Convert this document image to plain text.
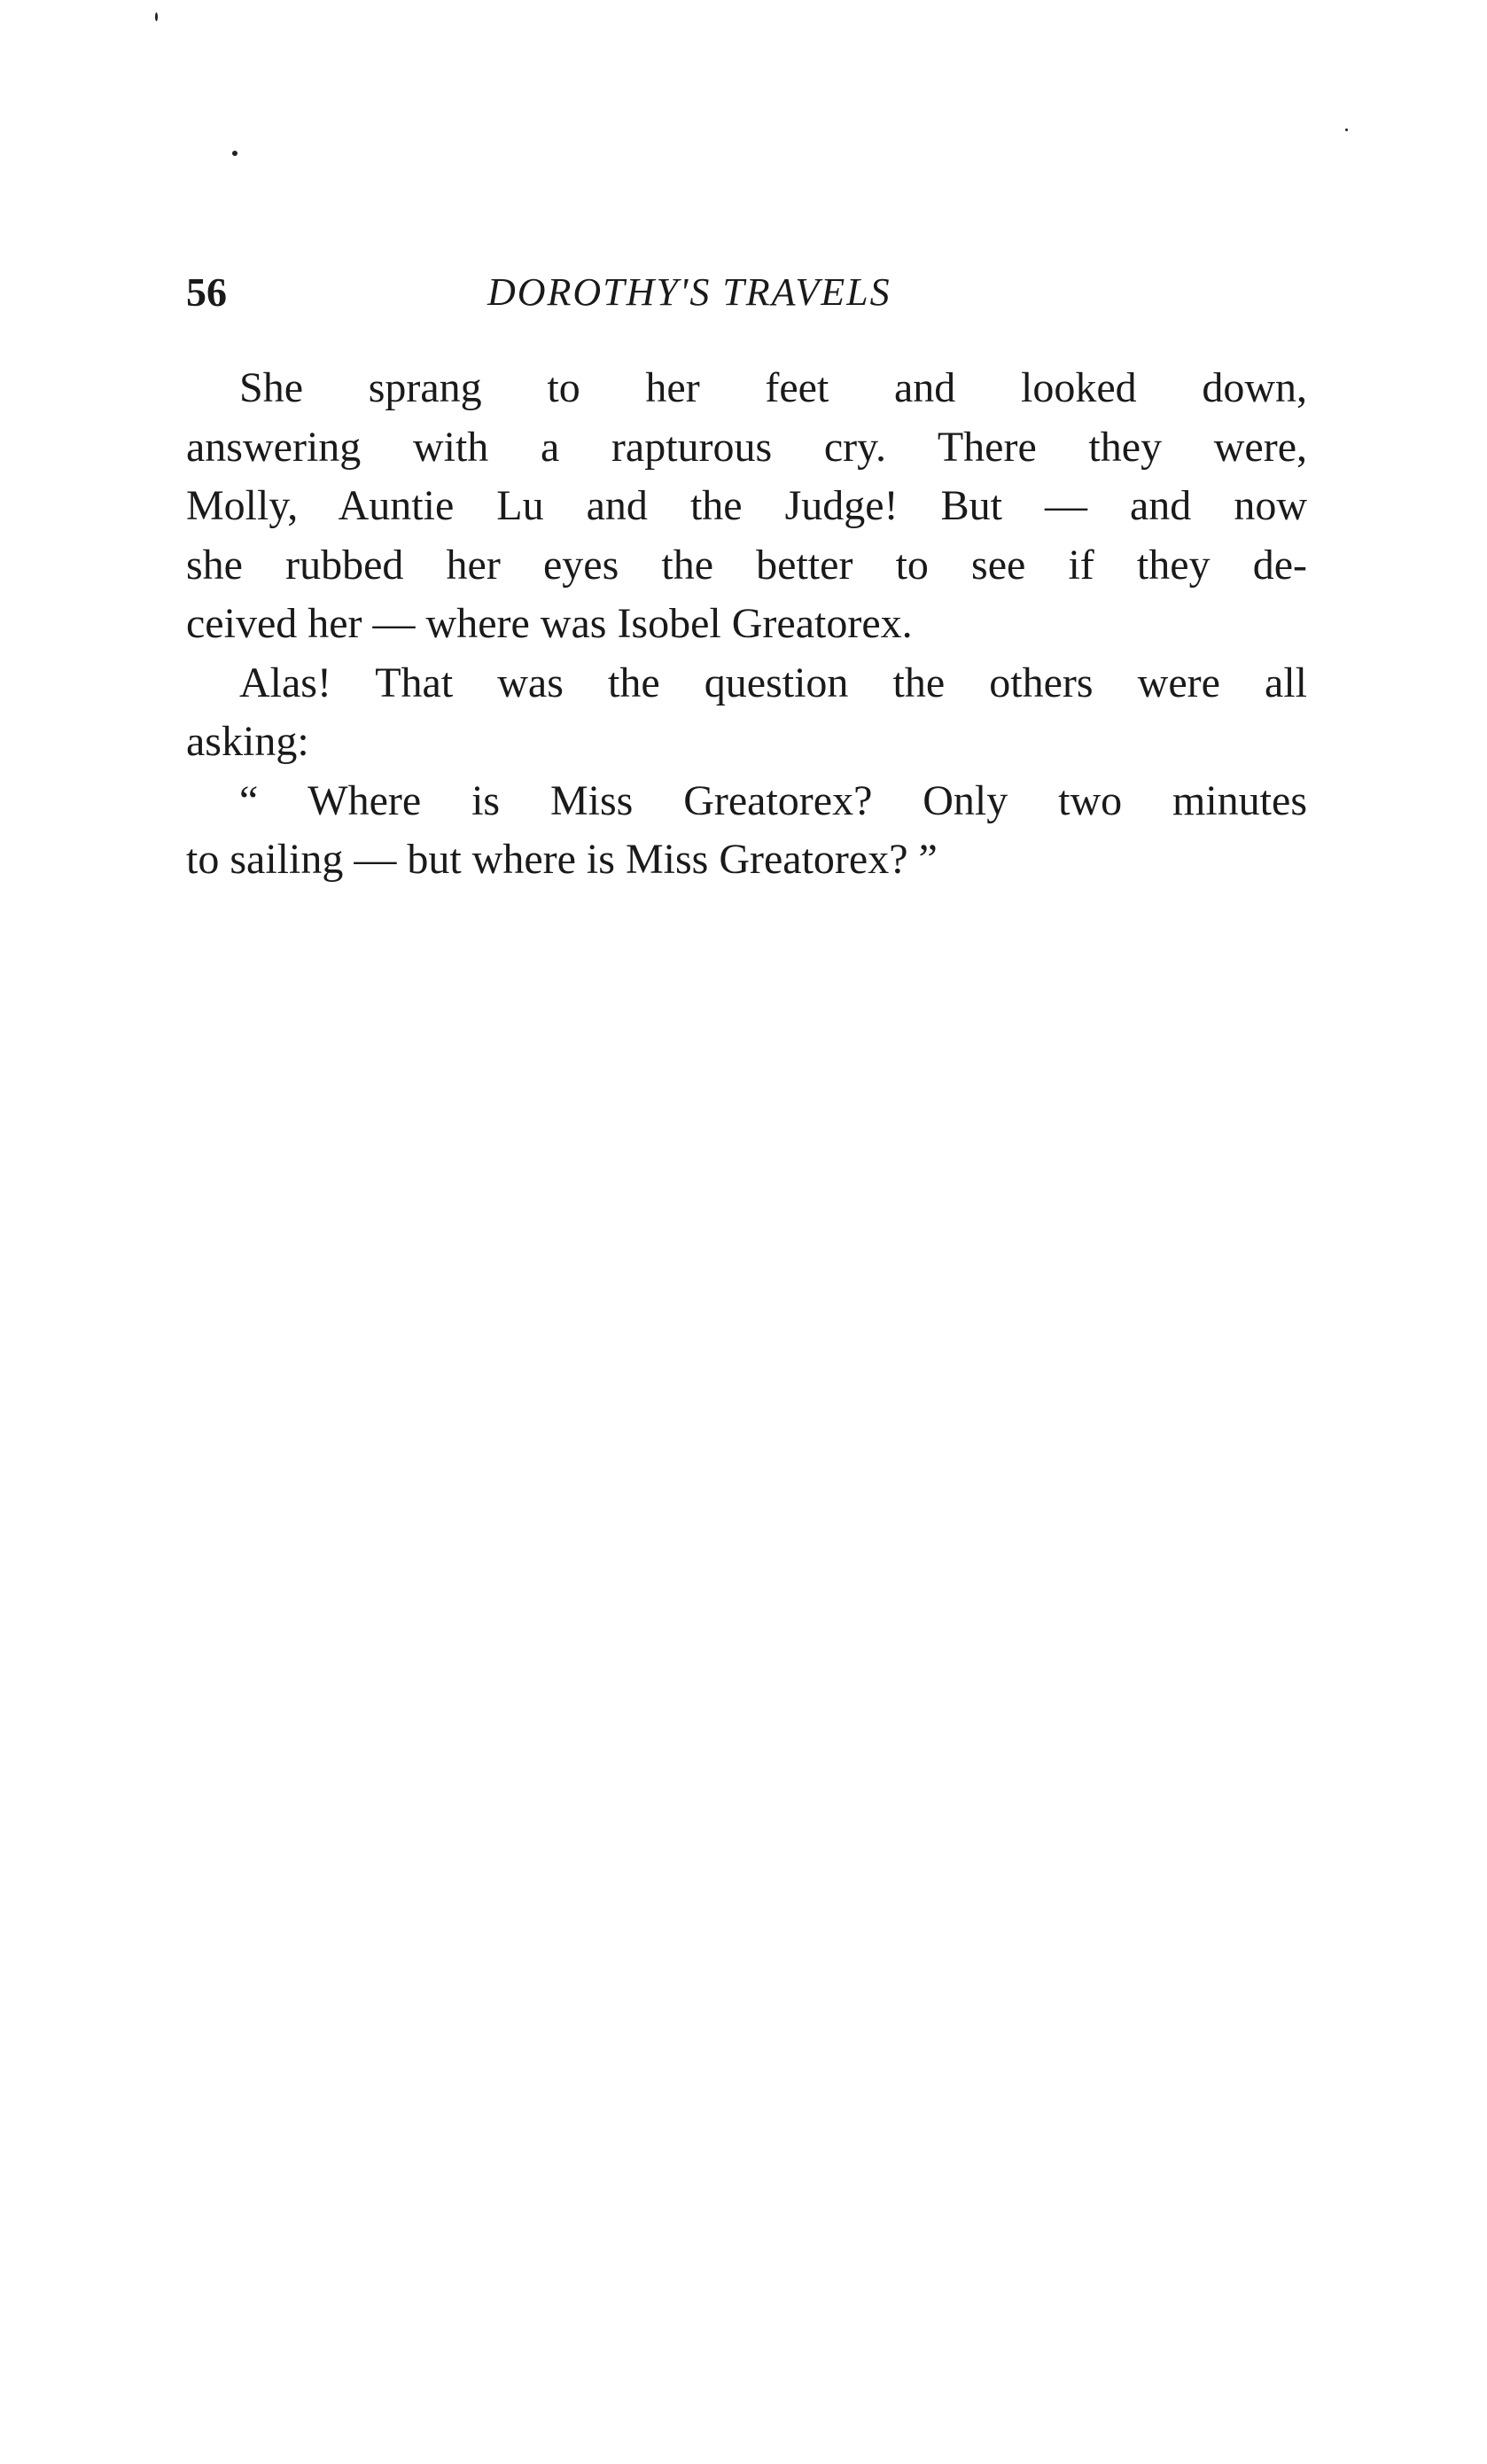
56	DOROTHY'S TRAVELS

She sprang to her feet and looked down,
answering with a rapturous cry. There they were,
Molly, Auntie Lu and the Judge! But — and now
she rubbed her eyes the better to see if they de-
ceived her — where was Isobel Greatorex.

Alas! That was the question the others were all
asking:

“ Where is Miss Greatorex? Only two minutes
to sailing — but where is Miss Greatorex? ”
